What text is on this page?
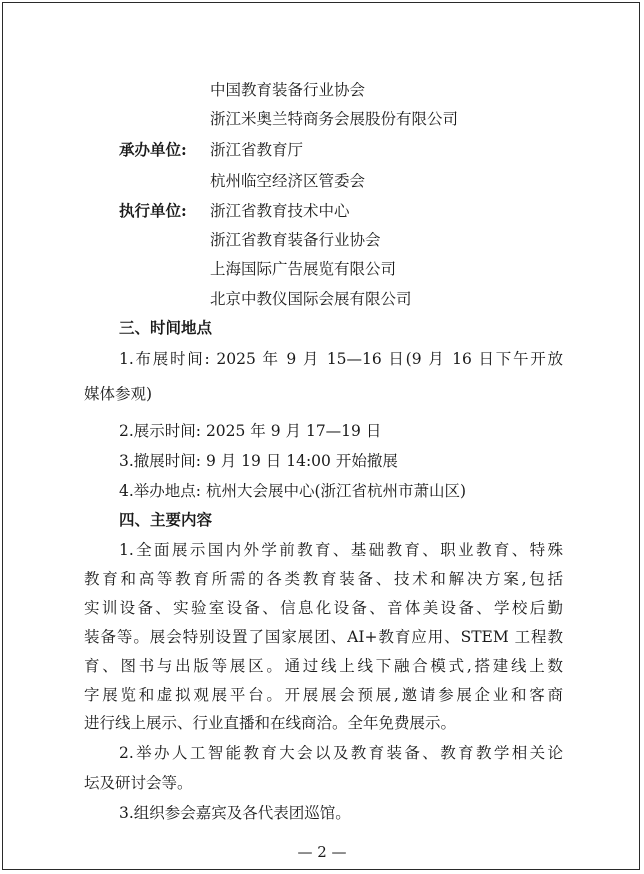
中国教育装备行业协会
浙江米奥兰特商务会展股份有限公司
承办单位: 浙江省教育厅
杭州临空经济区管委会
执行单位: 浙江省教育技术中心
浙江省教育装备行业协会
上海国际广告展览有限公司
北京中教仪国际会展有限公司
三、时间地点
1.布展时间: 2025 年 9 月 15—16 日(9 月 16 日下午开放
媒体参观)
2.展示时间: 2025 年 9 月 17—19 日
3.撤展时间: 9 月 19 日 14:00 开始撤展
4.举办地点: 杭州大会展中心(浙江省杭州市萧山区)
四、主要内容
1.全面展示国内外学前教育、基础教育、职业教育、特殊
教育和高等教育所需的各类教育装备、技术和解决方案,包括
实训设备、实验室设备、信息化设备、音体美设备、学校后勤
装备等。展会特别设置了国家展团、AI+教育应用、STEM 工程教
育、图书与出版等展区。通过线上线下融合模式,搭建线上数
字展览和虚拟观展平台。开展展会预展,邀请参展企业和客商
进行线上展示、行业直播和在线商洽。全年免费展示。
2.举办人工智能教育大会以及教育装备、教育教学相关论
坛及研讨会等。
3.组织参会嘉宾及各代表团巡馆。
— 2 —
